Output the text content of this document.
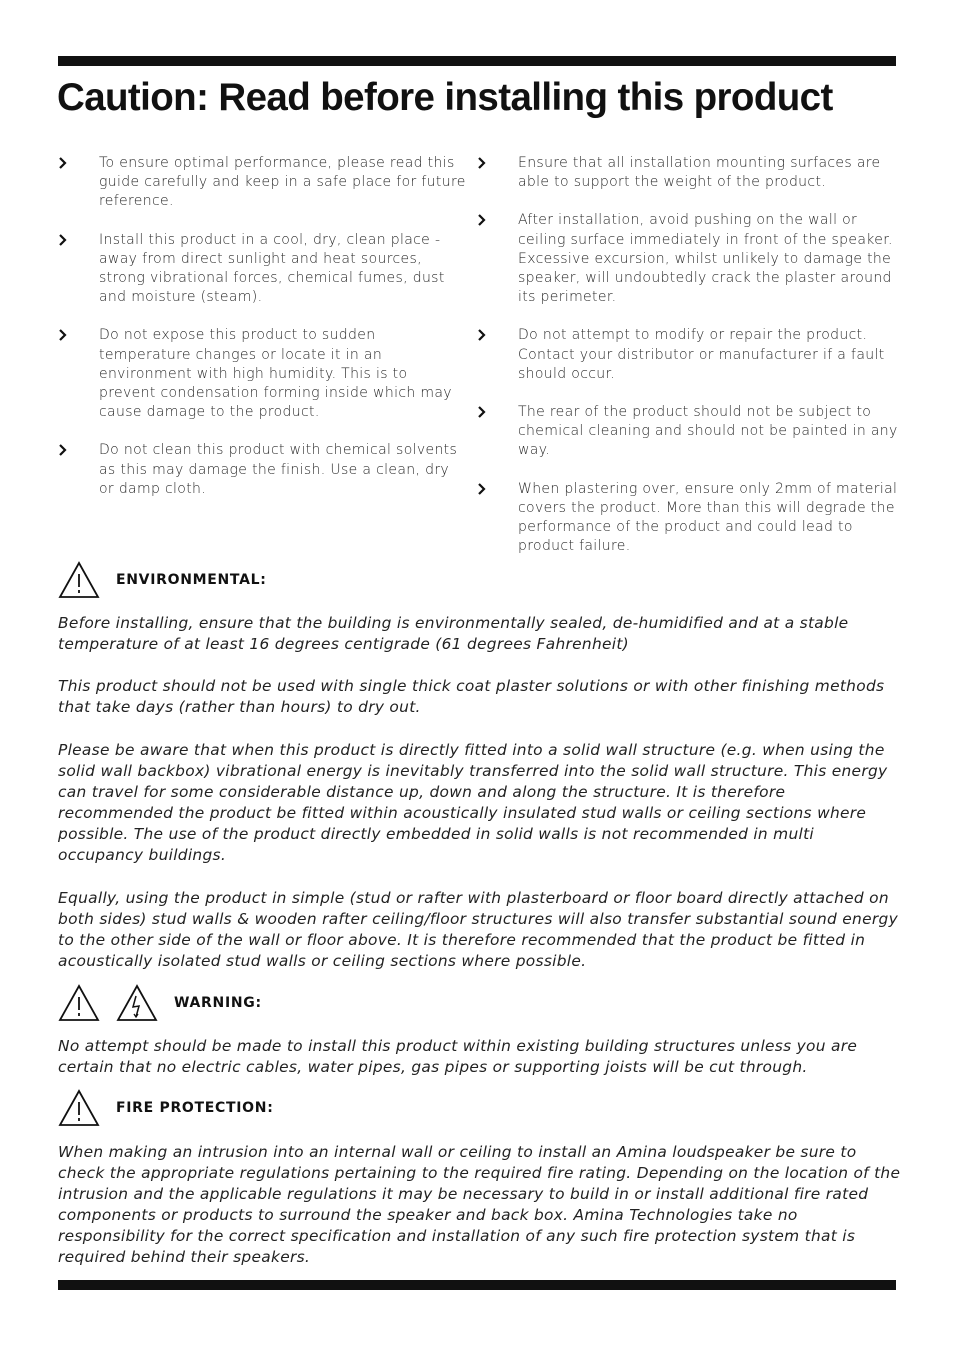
Caution: Read before installing this product
To ensure optimal performance, please read this guide carefully and keep in a safe place for future reference.
Install this product in a cool, dry, clean place - away from direct sunlight and heat sources, strong vibrational forces, chemical fumes, dust and moisture (steam).
Do not expose this product to sudden temperature changes or locate it in an environment with high humidity. This is to prevent condensation forming inside which may cause damage to the product.
Do not clean this product with chemical solvents as this may damage the finish. Use a clean, dry or damp cloth.
Ensure that all installation mounting surfaces are able to support the weight of the product.
After installation, avoid pushing on the wall or ceiling surface immediately in front of the speaker. Excessive excursion, whilst unlikely to damage the speaker, will undoubtedly crack the plaster around its perimeter.
Do not attempt to modify or repair the product. Contact your distributor or manufacturer if a fault should occur.
The rear of the product should not be subject to chemical cleaning and should not be painted in any way.
When plastering over, ensure only 2mm of material covers the product. More than this will degrade the performance of the product and could lead to product failure.
ENVIRONMENTAL:

Before installing, ensure that the building is environmentally sealed, de-humidified and at a stable temperature of at least 16 degrees centigrade (61 degrees Fahrenheit)

This product should not be used with single thick coat plaster solutions or with other finishing methods that take days (rather than hours) to dry out.

Please be aware that when this product is directly fitted into a solid wall structure (e.g. when using the solid wall backbox) vibrational energy is inevitably transferred into the solid wall structure. This energy can travel for some considerable distance up, down and along the structure. It is therefore recommended the product be fitted within acoustically insulated stud walls or ceiling sections where possible. The use of the product directly embedded in solid walls is not recommended in multi occupancy buildings.

Equally, using the product in simple (stud or rafter with plasterboard or floor board directly attached on both sides) stud walls & wooden rafter ceiling/floor structures will also transfer substantial sound energy to the other side of the wall or floor above. It is therefore recommended that the product be fitted in acoustically isolated stud walls or ceiling sections where possible.

WARNING:

No attempt should be made to install this product within existing building structures unless you are certain that no electric cables, water pipes, gas pipes or supporting joists will be cut through.

FIRE PROTECTION:

When making an intrusion into an internal wall or ceiling to install an Amina loudspeaker be sure to check the appropriate regulations pertaining to the required fire rating. Depending on the location of the intrusion and the applicable regulations it may be necessary to build in or install additional fire rated components or products to surround the speaker and back box. Amina Technologies take no responsibility for the correct specification and installation of any such fire protection system that is required behind their speakers.
